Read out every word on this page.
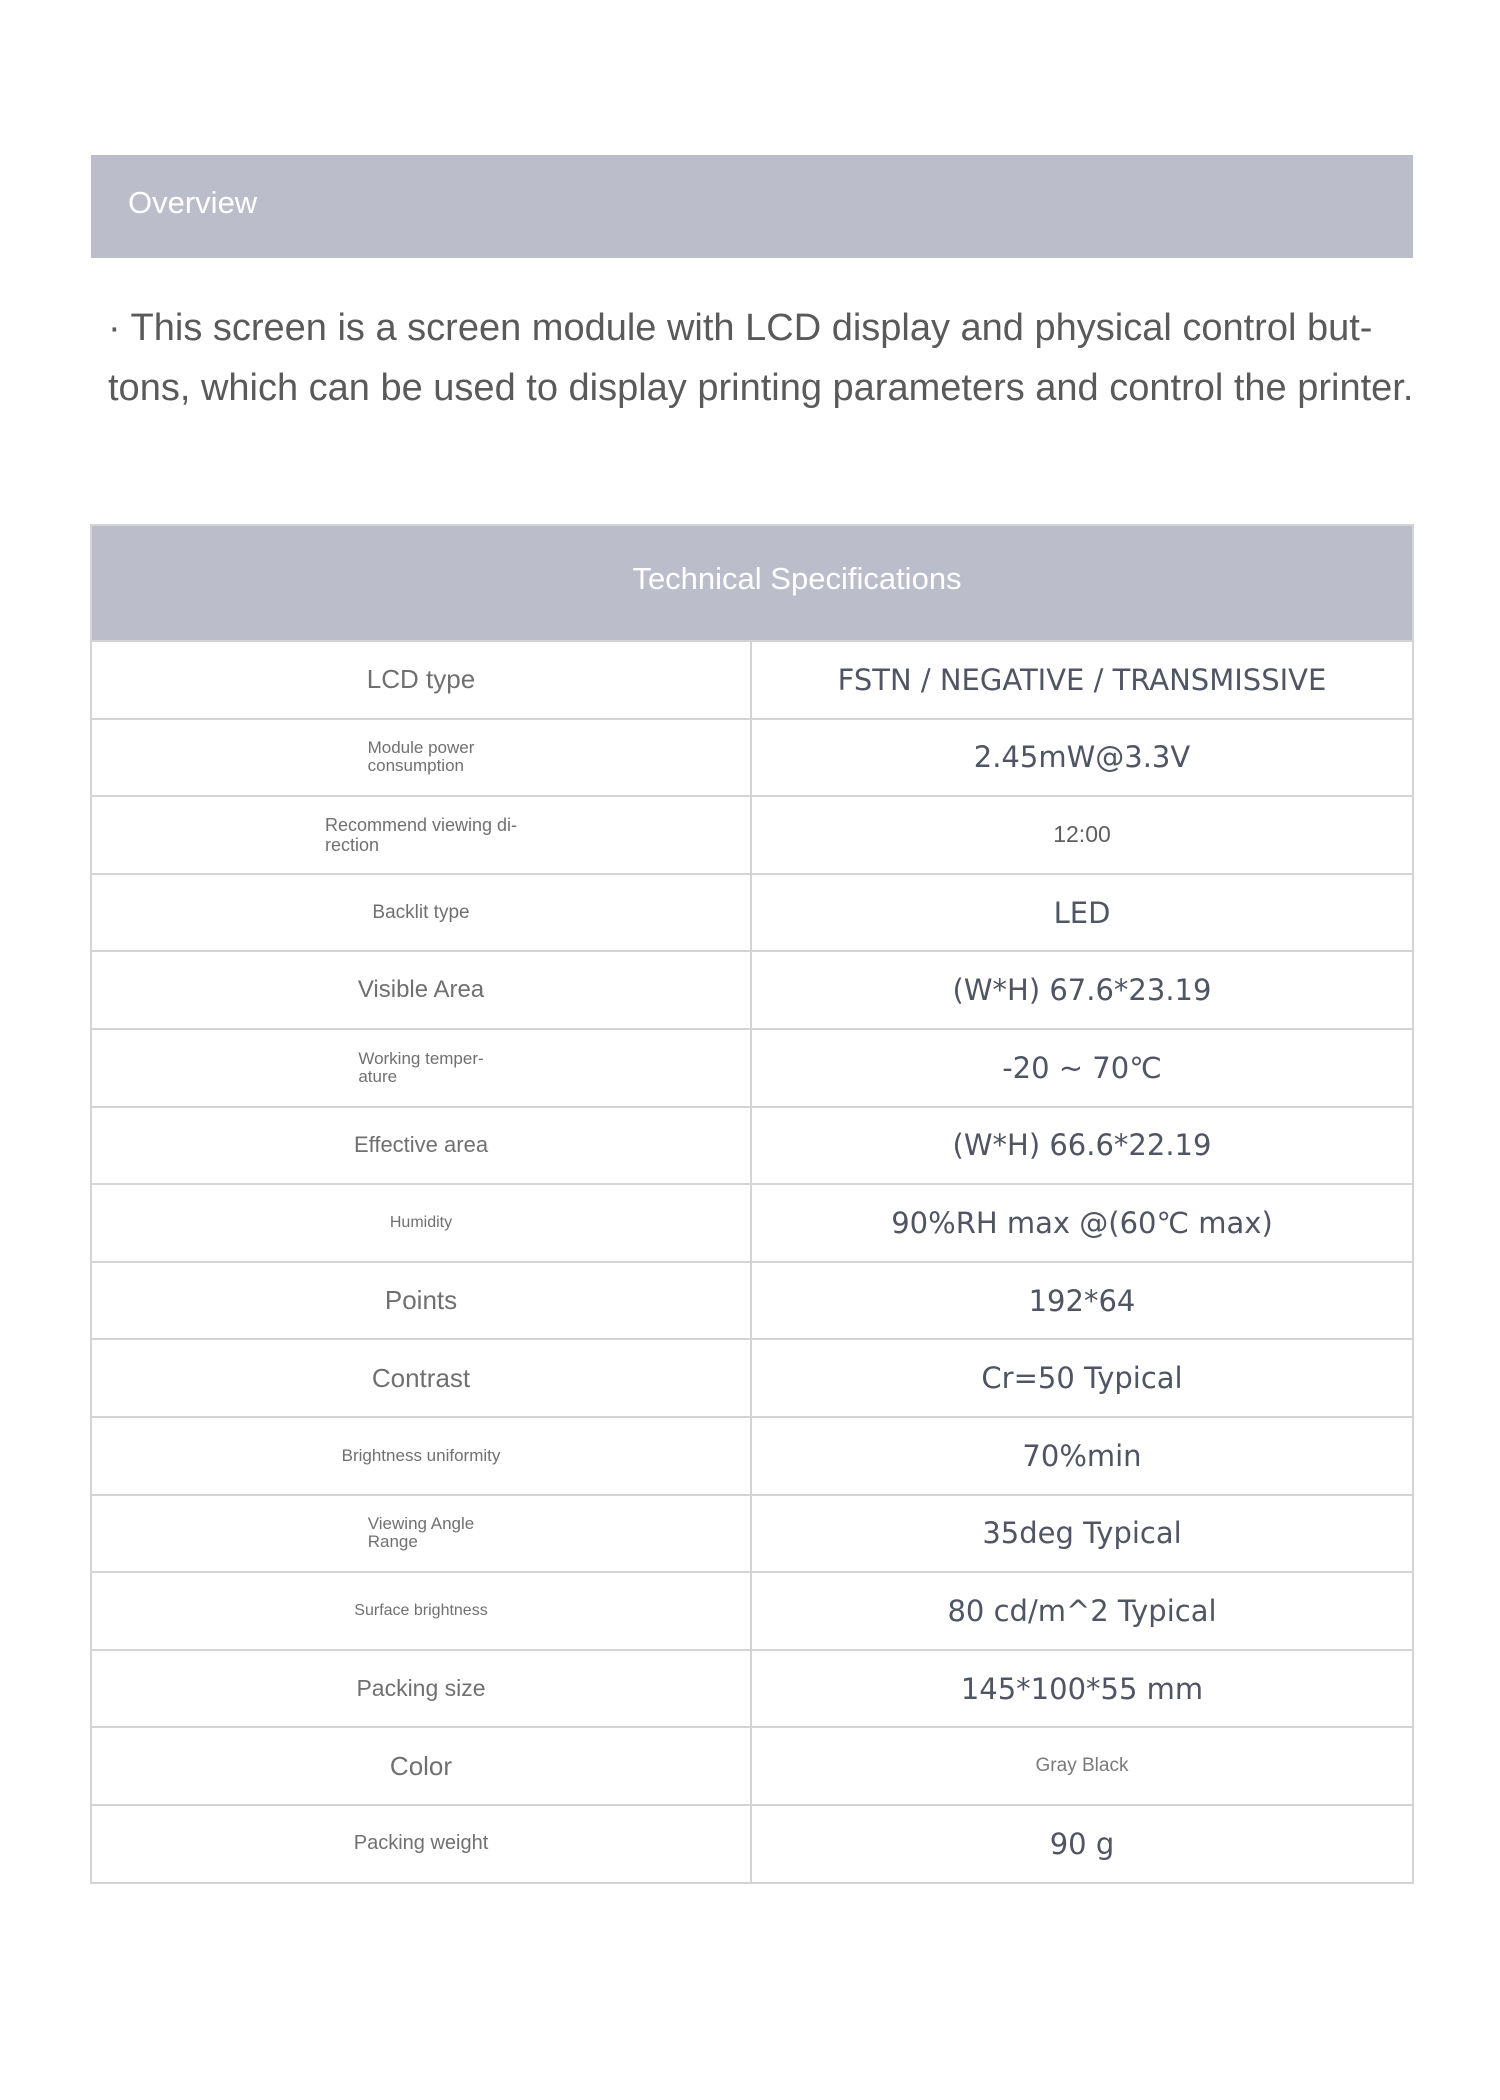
Overview
· This screen is a screen module with LCD display and physical control but-
tons, which can be used to display printing parameters and control the printer.
Technical Specifications
LCD type	FSTN / NEGATIVE / TRANSMISSIVE
Module power
consumption	2.45mW@3.3V
Recommend viewing di-
rection	12:00
Backlit type	LED
Visible Area	(W*H) 67.6*23.19
Working temper-
ature	-20 ~ 70℃
Effective area	(W*H) 66.6*22.19
Humidity	90%RH max @(60℃ max)
Points	192*64
Contrast	Cr=50 Typical
Brightness uniformity	70%min
Viewing Angle
Range	35deg Typical
Surface brightness	80 cd/m^2 Typical
Packing size	145*100*55 mm
Color	Gray Black
Packing weight	90 g
